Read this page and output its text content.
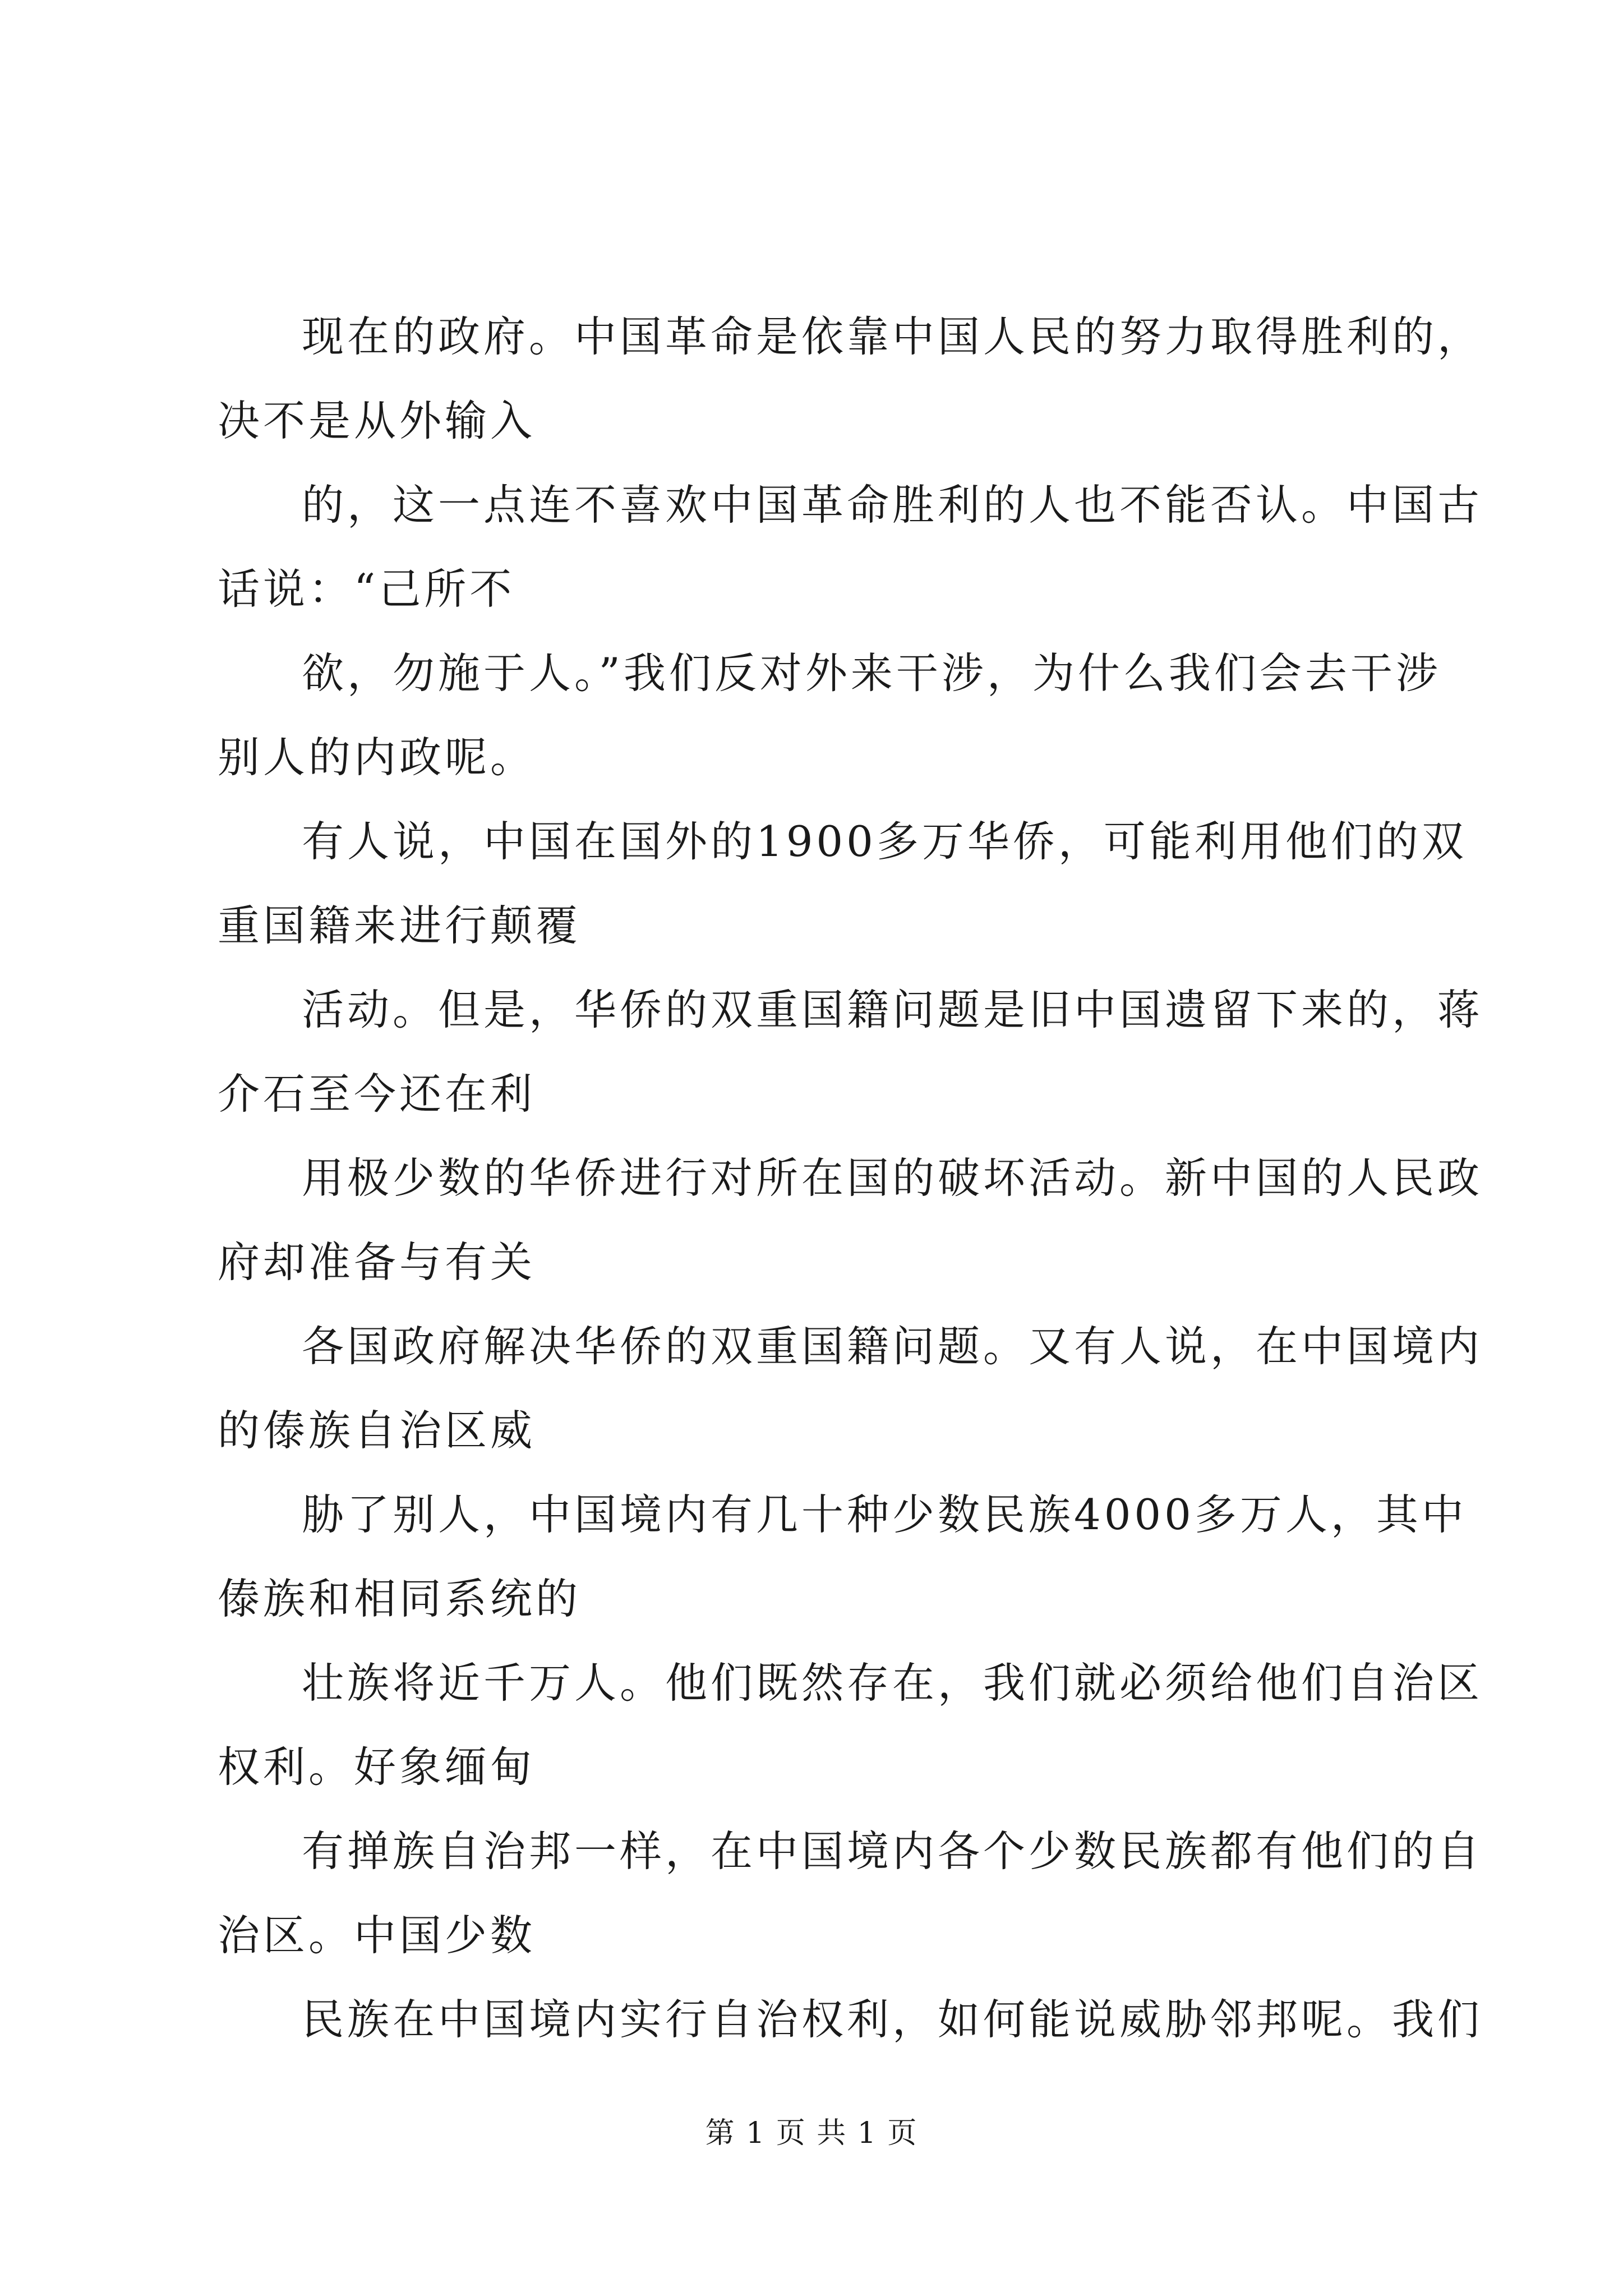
现在的政府。中国革命是依靠中国人民的努力取得胜利的，
决不是从外输入

的，这一点连不喜欢中国革命胜利的人也不能否认。中国古
话说：“己所不

欲，勿施于人。”我们反对外来干涉，为什么我们会去干涉
别人的内政呢。

有人说，中国在国外的1900多万华侨，可能利用他们的双
重国籍来进行颠覆

活动。但是，华侨的双重国籍问题是旧中国遗留下来的，蒋
介石至今还在利

用极少数的华侨进行对所在国的破坏活动。新中国的人民政
府却准备与有关

各国政府解决华侨的双重国籍问题。又有人说，在中国境内
的傣族自治区威

胁了别人，中国境内有几十种少数民族4000多万人，其中
傣族和相同系统的

壮族将近千万人。他们既然存在，我们就必须给他们自治区
权利。好象缅甸

有掸族自治邦一样，在中国境内各个少数民族都有他们的自
治区。中国少数

民族在中国境内实行自治权利，如何能说威胁邻邦呢。我们

第 1 页 共 1 页
